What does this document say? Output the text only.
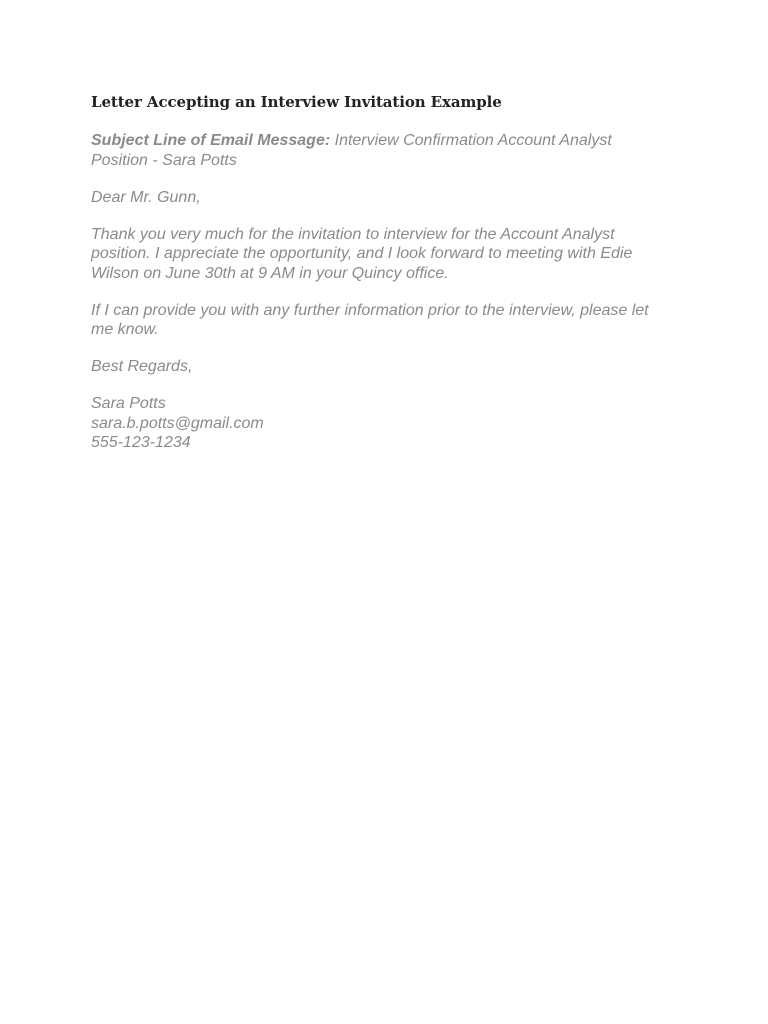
Letter Accepting an Interview Invitation Example

Subject Line of Email Message: Interview Confirmation Account Analyst Position - Sara Potts

Dear Mr. Gunn,

Thank you very much for the invitation to interview for the Account Analyst position. I appreciate the opportunity, and I look forward to meeting with Edie Wilson on June 30th at 9 AM in your Quincy office.

If I can provide you with any further information prior to the interview, please let me know.

Best Regards,

Sara Potts
sara.b.potts@gmail.com
555-123-1234
